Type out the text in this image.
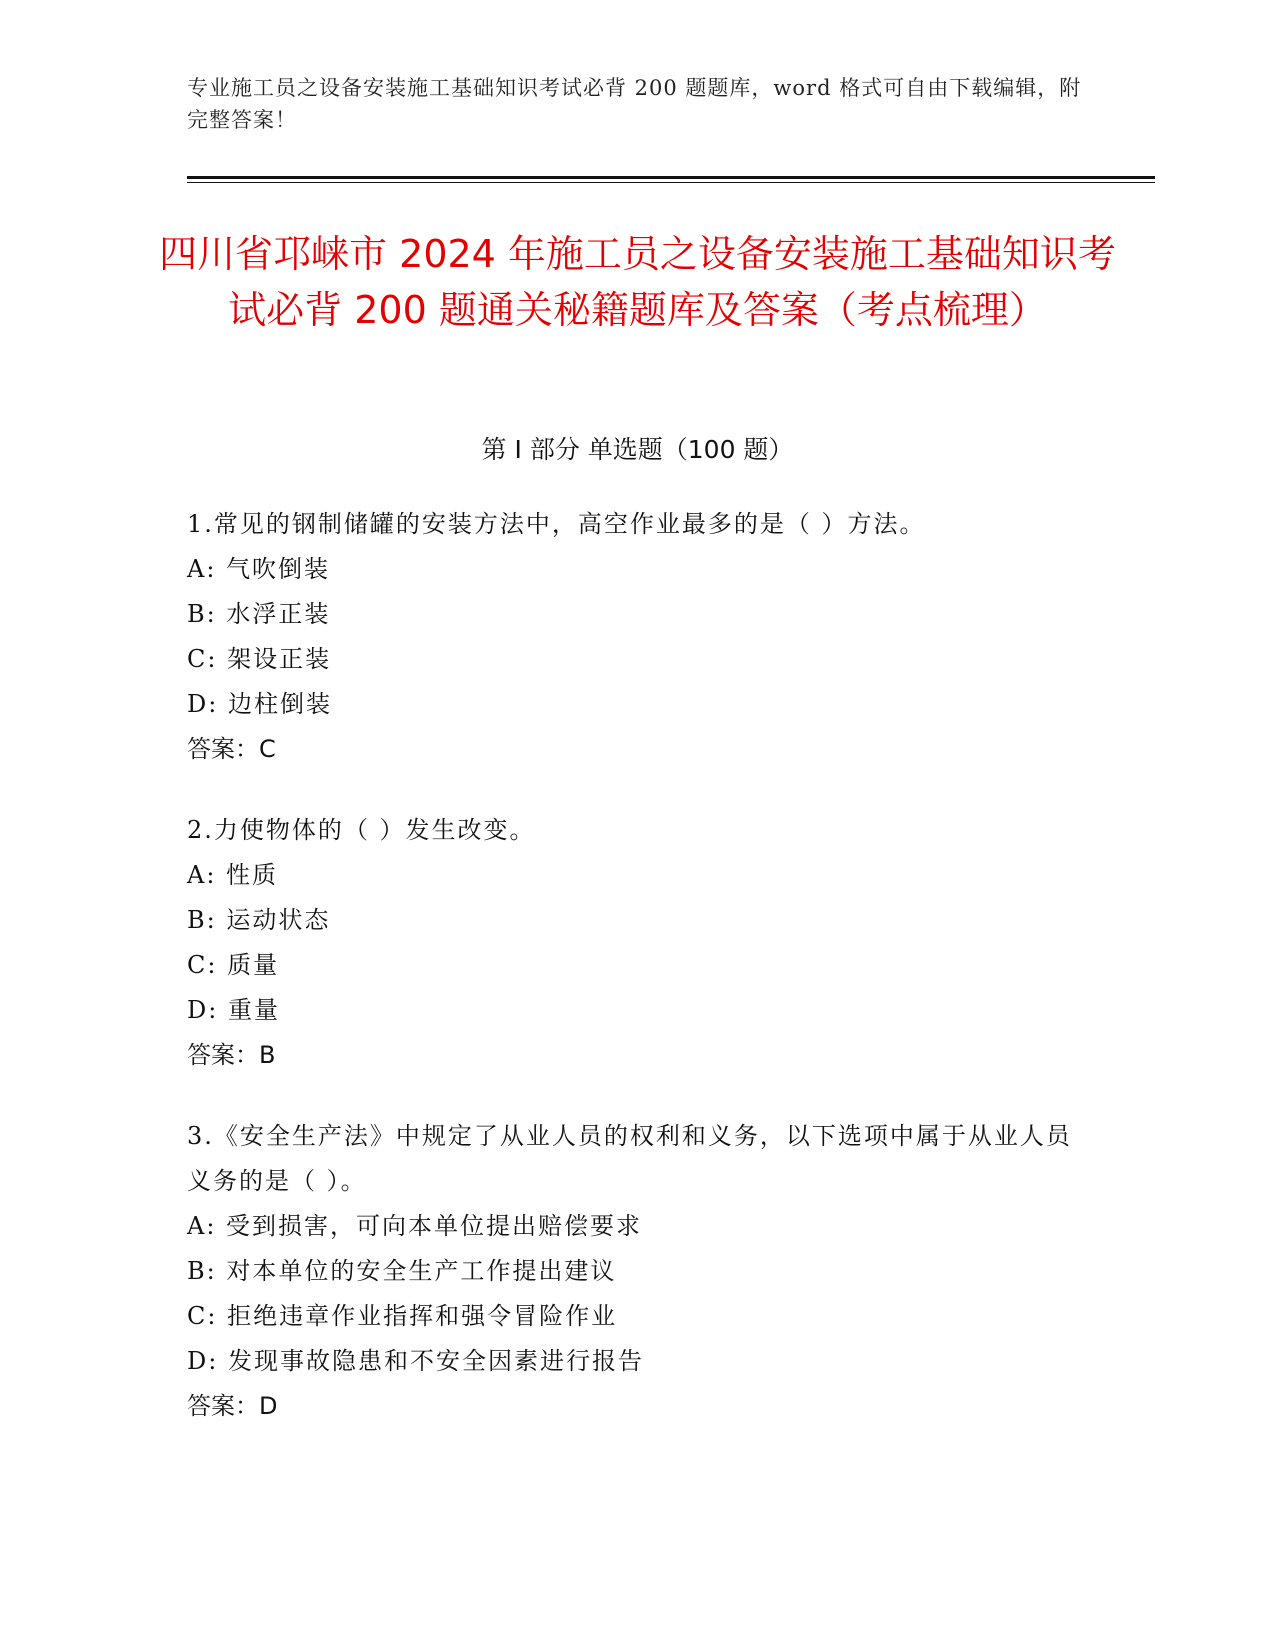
专业施工员之设备安装施工基础知识考试必背 200 题题库，word 格式可自由下载编辑，附完整答案！
四川省邛崃市 2024 年施工员之设备安装施工基础知识考试必背 200 题通关秘籍题库及答案（考点梳理）
第 I 部分 单选题（100 题）
1.常见的钢制储罐的安装方法中，高空作业最多的是（ ）方法。
A: 气吹倒装
B: 水浮正装
C: 架设正装
D: 边柱倒装
答案：C
2.力使物体的（ ）发生改变。
A: 性质
B: 运动状态
C: 质量
D: 重量
答案：B
3.《安全生产法》中规定了从业人员的权利和义务，以下选项中属于从业人员义务的是（ ）。
A: 受到损害，可向本单位提出赔偿要求
B: 对本单位的安全生产工作提出建议
C: 拒绝违章作业指挥和强令冒险作业
D: 发现事故隐患和不安全因素进行报告
答案：D
